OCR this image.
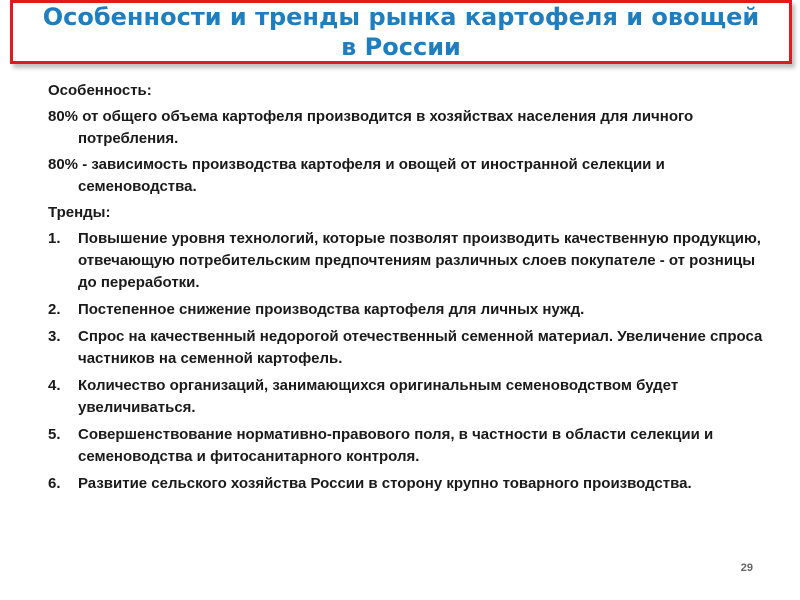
Особенности и тренды рынка картофеля и овощей в России
Особенность:
80% от общего объема картофеля производится в хозяйствах населения для личного потребления.
80% - зависимость производства картофеля и овощей от иностранной селекции и семеноводства.
Тренды:
1. Повышение уровня технологий, которые позволят производить качественную продукцию, отвечающую потребительским предпочтениям различных слоев покупателе - от розницы до переработки.
2. Постепенное снижение производства картофеля для личных нужд.
3. Спрос на качественный недорогой отечественный семенной материал. Увеличение спроса частников на семенной картофель.
4. Количество организаций, занимающихся оригинальным семеноводством будет увеличиваться.
5. Совершенствование нормативно-правового поля, в частности в области селекции и семеноводства и фитосанитарного контроля.
6. Развитие сельского хозяйства России в сторону крупно товарного производства.
29
